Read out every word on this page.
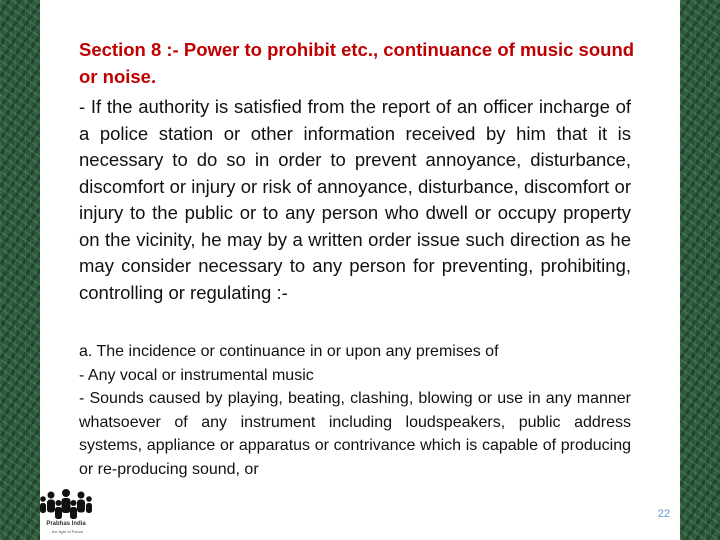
Section 8 :- Power to prohibit etc., continuance of music sound or noise.

- If the authority is satisfied from the report of an officer incharge of a police station or other information received by him that it is necessary to do so in order to prevent annoyance, disturbance, discomfort or injury or risk of annoyance, disturbance, discomfort or injury to the public or to any person who dwell or occupy property on the vicinity, he may by a written order issue such direction as he may consider necessary to any person for preventing, prohibiting, controlling or regulating :-

a. The incidence or continuance in or upon any premises of
- Any vocal or instrumental music
- Sounds caused by playing, beating, clashing, blowing or use in any manner whatsoever of any instrument including loudspeakers, public address systems, appliance or apparatus or contrivance which is capable of producing or re-producing sound, or
Prabhas India
...the light of Future
22
